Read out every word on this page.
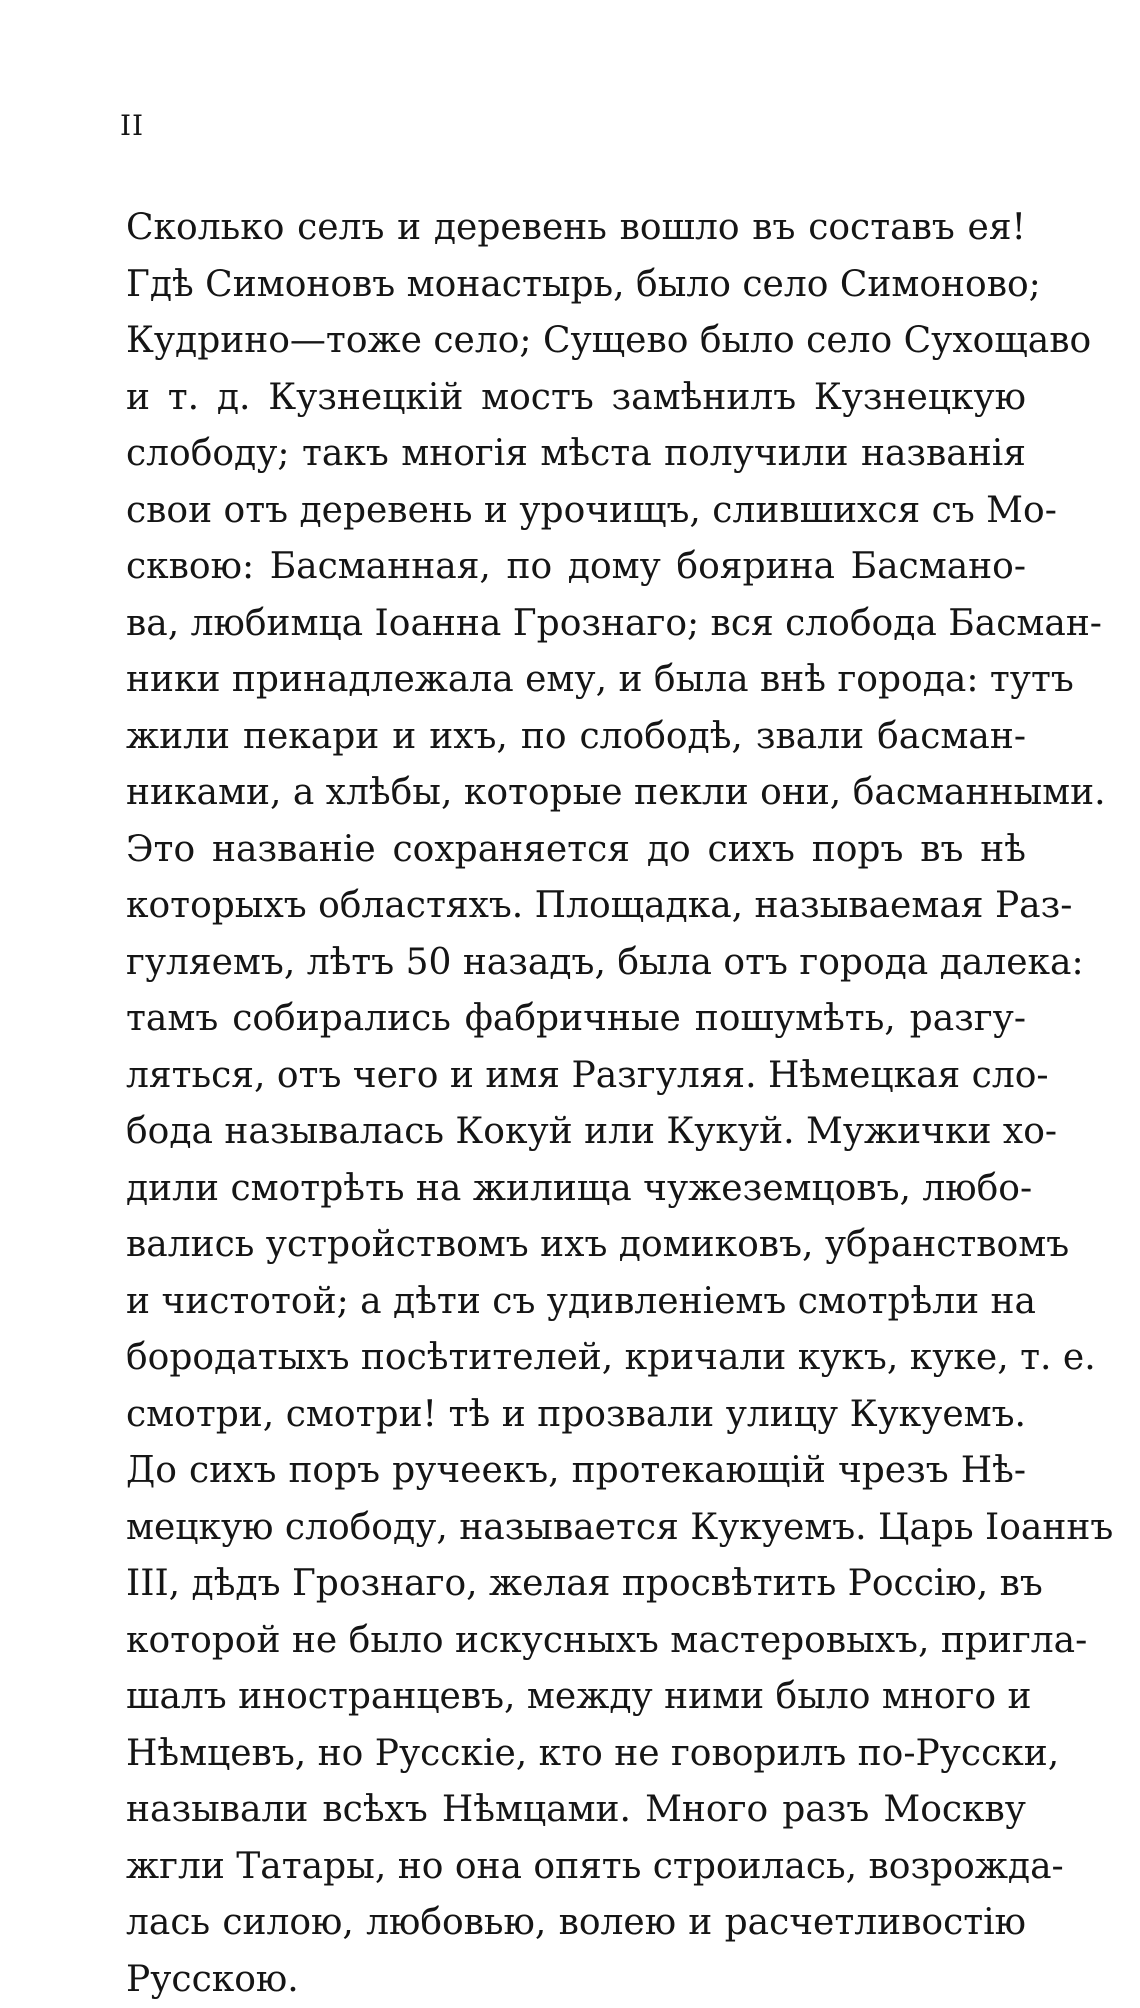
II
Сколько селъ и деревень вошло въ составъ ея!
Гдѣ Симоновъ монастырь, было село Симоново;
Кудрино—тоже село; Сущево было село Сухощаво
и т. д. Кузнецкій мостъ замѣнилъ Кузнецкую
слободу; такъ многія мѣста получили названія
свои отъ деревень и урочищъ, слившихся съ Мо-
сквою: Басманная, по дому боярина Басмано-
ва, любимца Іоанна Грознаго; вся слобода Басман-
ники принадлежала ему, и была внѣ города: тутъ
жили пекари и ихъ, по слободѣ, звали басман-
никами, а хлѣбы, которые пекли они, басманными.
Это названіе сохраняется до сихъ поръ въ нѣ
которыхъ областяхъ. Площадка, называемая Раз-
гуляемъ, лѣтъ 50 назадъ, была отъ города далека:
тамъ собирались фабричные пошумѣть, разгу-
ляться, отъ чего и имя Разгуляя. Нѣмецкая сло-
бода называлась Кокуй или Кукуй. Мужички хо-
дили смотрѣть на жилища чужеземцовъ, любо-
вались устройствомъ ихъ домиковъ, убранствомъ
и чистотой; а дѣти съ удивленіемъ смотрѣли на
бородатыхъ посѣтителей, кричали кукъ, куке, т. е.
смотри, смотри! тѣ и прозвали улицу Кукуемъ.
До сихъ поръ ручеекъ, протекающій чрезъ Нѣ-
мецкую слободу, называется Кукуемъ. Царь Іоаннъ
III, дѣдъ Грознаго, желая просвѣтить Россію, въ
которой не было искусныхъ мастеровыхъ, пригла-
шалъ иностранцевъ, между ними было много и
Нѣмцевъ, но Русскіе, кто не говорилъ по-Русски,
называли всѣхъ Нѣмцами. Много разъ Москву
жгли Татары, но она опять строилась, возрожда-
лась силою, любовью, волею и расчетливостію
Русскою.
